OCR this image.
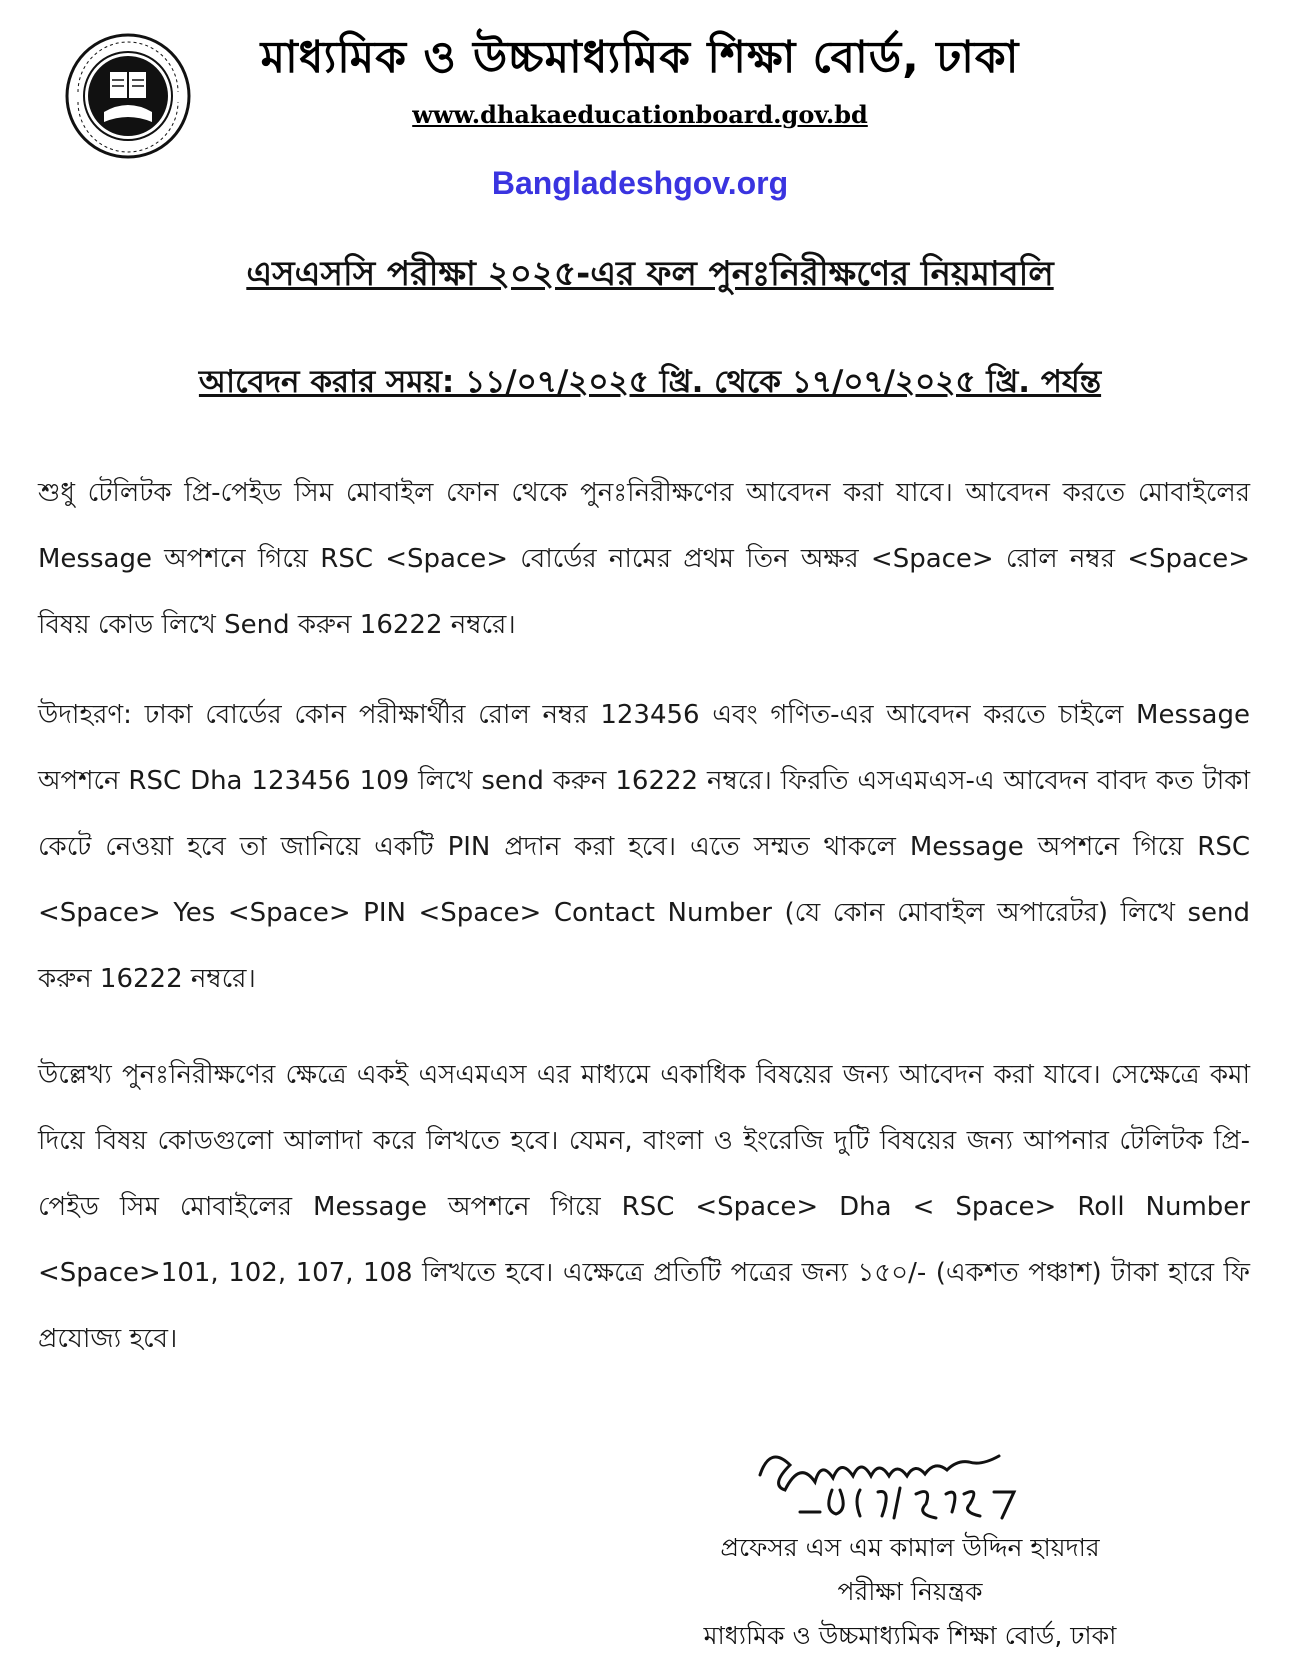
মাধ্যমিক ও উচ্চমাধ্যমিক শিক্ষা বোর্ড, ঢাকা
www.dhakaeducationboard.gov.bd
Bangladeshgov.org
এসএসসি পরীক্ষা ২০২৫-এর ফল পুনঃনিরীক্ষণের নিয়মাবলি
আবেদন করার সময়: ১১/০৭/২০২৫ খ্রি. থেকে ১৭/০৭/২০২৫ খ্রি. পর্যন্ত
শুধু টেলিটক প্রি-পেইড সিম মোবাইল ফোন থেকে পুনঃনিরীক্ষণের আবেদন করা যাবে। আবেদন করতে মোবাইলের Message অপশনে গিয়ে RSC <Space> বোর্ডের নামের প্রথম তিন অক্ষর <Space> রোল নম্বর <Space> বিষয় কোড লিখে Send করুন 16222 নম্বরে।
উদাহরণ: ঢাকা বোর্ডের কোন পরীক্ষার্থীর রোল নম্বর 123456 এবং গণিত-এর আবেদন করতে চাইলে Message অপশনে RSC Dha 123456 109 লিখে send করুন 16222 নম্বরে। ফিরতি এসএমএস-এ আবেদন বাবদ কত টাকা কেটে নেওয়া হবে তা জানিয়ে একটি PIN প্রদান করা হবে। এতে সম্মত থাকলে Message অপশনে গিয়ে RSC <Space> Yes <Space> PIN <Space> Contact Number (যে কোন মোবাইল অপারেটর) লিখে send করুন 16222 নম্বরে।
উল্লেখ্য পুনঃনিরীক্ষণের ক্ষেত্রে একই এসএমএস এর মাধ্যমে একাধিক বিষয়ের জন্য আবেদন করা যাবে। সেক্ষেত্রে কমা দিয়ে বিষয় কোডগুলো আলাদা করে লিখতে হবে। যেমন, বাংলা ও ইংরেজি দুটি বিষয়ের জন্য আপনার টেলিটক প্রি-পেইড সিম মোবাইলের Message অপশনে গিয়ে RSC <Space> Dha < Space> Roll Number <Space>101, 102, 107, 108 লিখতে হবে। এক্ষেত্রে প্রতিটি পত্রের জন্য ১৫০/- (একশত পঞ্চাশ) টাকা হারে ফি প্রযোজ্য হবে।
প্রফেসর এস এম কামাল উদ্দিন হায়দার
পরীক্ষা নিয়ন্ত্রক
মাধ্যমিক ও উচ্চমাধ্যমিক শিক্ষা বোর্ড, ঢাকা
